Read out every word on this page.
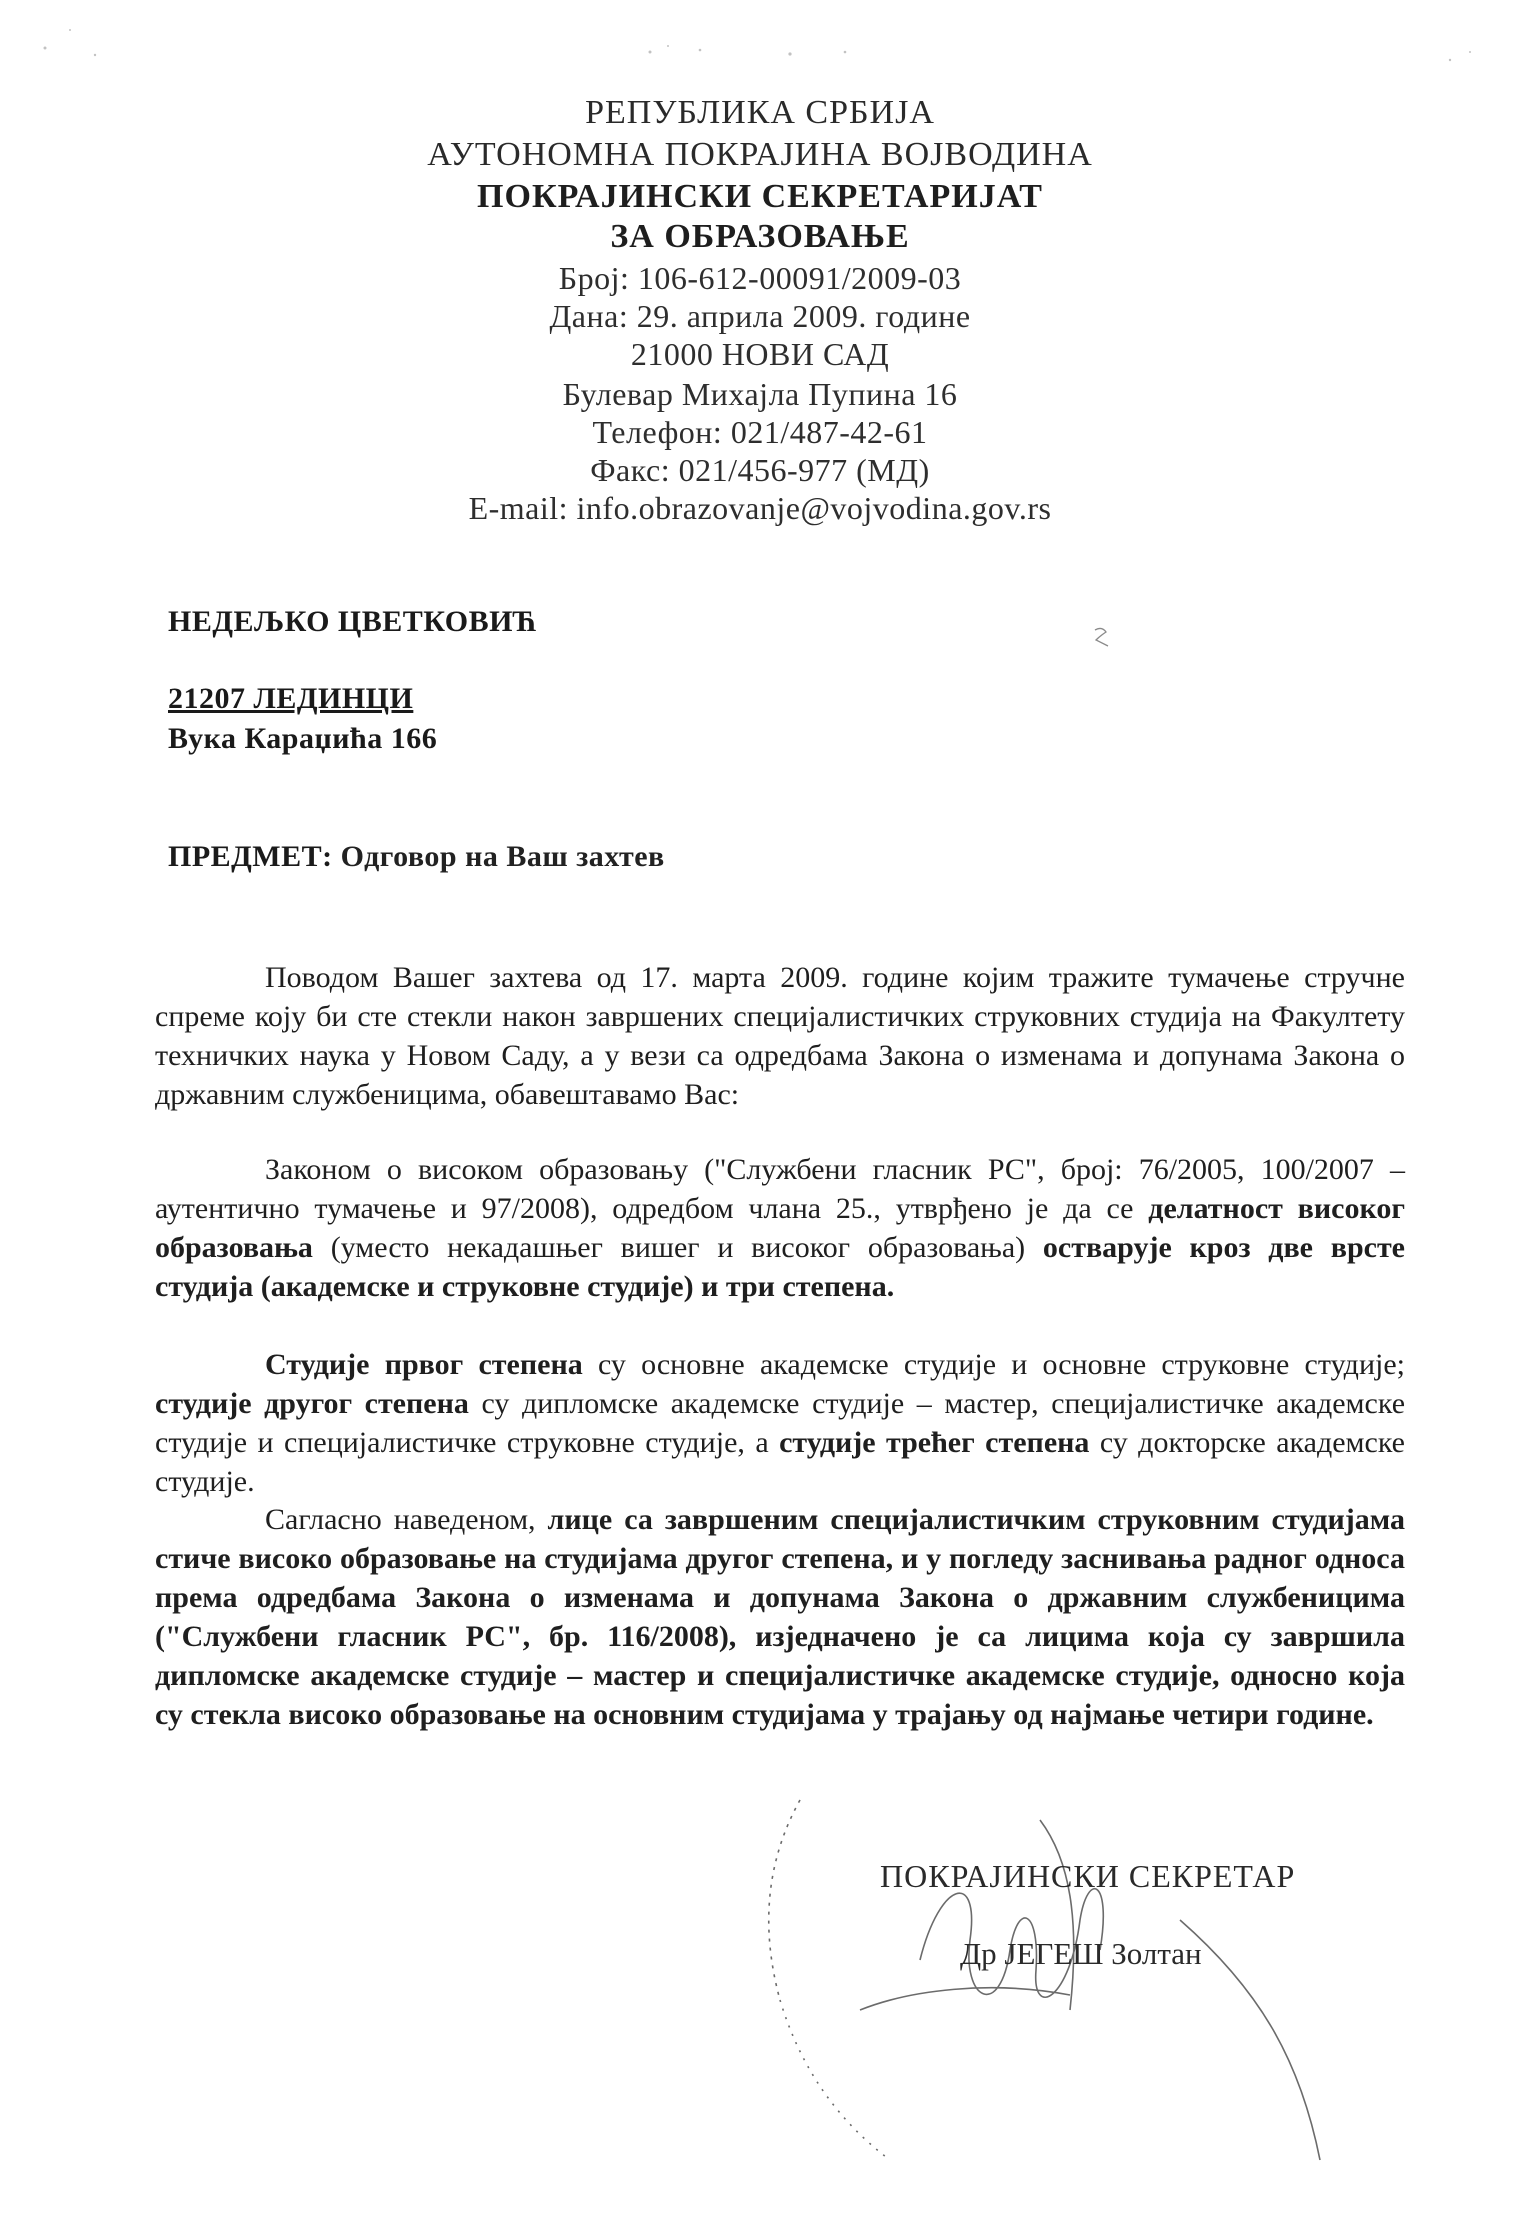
РЕПУБЛИКА СРБИЈА
АУТОНОМНА ПОКРАЈИНА ВОЈВОДИНА
ПОКРАЈИНСКИ СЕКРЕТАРИЈАТ
ЗА ОБРАЗОВАЊЕ
Број: 106-612-00091/2009-03
Дана: 29. априла 2009. године
21000 НОВИ САД
Булевар Михајла Пупина 16
Телефон: 021/487-42-61
Факс: 021/456-977 (МД)
E-mail: info.obrazovanje@vojvodina.gov.rs
НЕДЕЉКО ЦВЕТКОВИЋ
21207 ЛЕДИНЦИ
Вука Караџића 166
ПРЕДМЕТ: Одговор на Ваш захтев
Поводом Вашег захтева од 17. марта 2009. године којим тражите тумачење стручне спреме коју би сте стекли након завршених специјалистичких струковних студија на Факултету техничких наука у Новом Саду, а у вези са одредбама Закона о изменама и допунама Закона о државним службеницима, обавештавамо Вас:
Законом о високом образовању ("Службени гласник РС", број: 76/2005, 100/2007 – аутентично тумачење и 97/2008), одредбом члана 25., утврђено је да се делатност високог образовања (уместо некадашњег вишег и високог образовања) остварује кроз две врсте студија (академске и струковне студије) и три степена.
Студије првог степена су основне академске студије и основне струковне студије; студије другог степена су дипломске академске студије – мастер, специјалистичке академске студије и специјалистичке струковне студије, а студије трећег степена су докторске академске студије.
Сагласно наведеном, лице са завршеним специјалистичким струковним студијама стиче високо образовање на студијама другог степена, и у погледу заснивања радног односа према одредбама Закона о изменама и допунама Закона о државним службеницима ("Службени гласник РС", бр. 116/2008), изједначено је са лицима која су завршила дипломске академске студије – мастер и специјалистичке академске студије, односно која су стекла високо образовање на основним студијама у трајању од најмање четири године.
ПОКРАЈИНСКИ СЕКРЕТАР
Др ЈЕГЕШ Золтан
